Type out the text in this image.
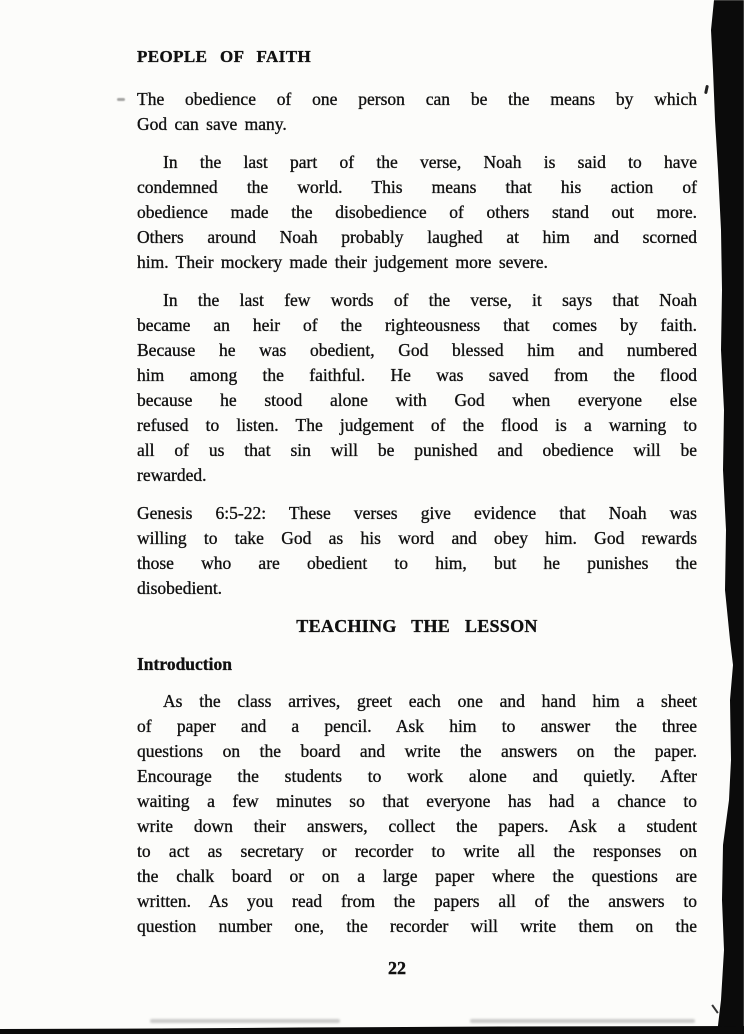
PEOPLE OF FAITH

The obedience of one person can be the means by which
God can save many.

In the last part of the verse, Noah is said to have
condemned the world. This means that his action of
obedience made the disobedience of others stand out more.
Others around Noah probably laughed at him and scorned
him. Their mockery made their judgement more severe.

In the last few words of the verse, it says that Noah
became an heir of the righteousness that comes by faith.
Because he was obedient, God blessed him and numbered
him among the faithful. He was saved from the flood
because he stood alone with God when everyone else
refused to listen. The judgement of the flood is a warning to
all of us that sin will be punished and obedience will be
rewarded.

Genesis 6:5-22: These verses give evidence that Noah was
willing to take God as his word and obey him. God rewards
those who are obedient to him, but he punishes the
disobedient.

TEACHING THE LESSON
Introduction

As the class arrives, greet each one and hand him a sheet
of paper and a pencil. Ask him to answer the three
questions on the board and write the answers on the paper.
Encourage the students to work alone and quietly. After
waiting a few minutes so that everyone has had a chance to
write down their answers, collect the papers. Ask a student
to act as secretary or recorder to write all the responses on
the chalk board or on a large paper where the questions are
written. As you read from the papers all of the answers to
question number one, the recorder will write them on the

22
